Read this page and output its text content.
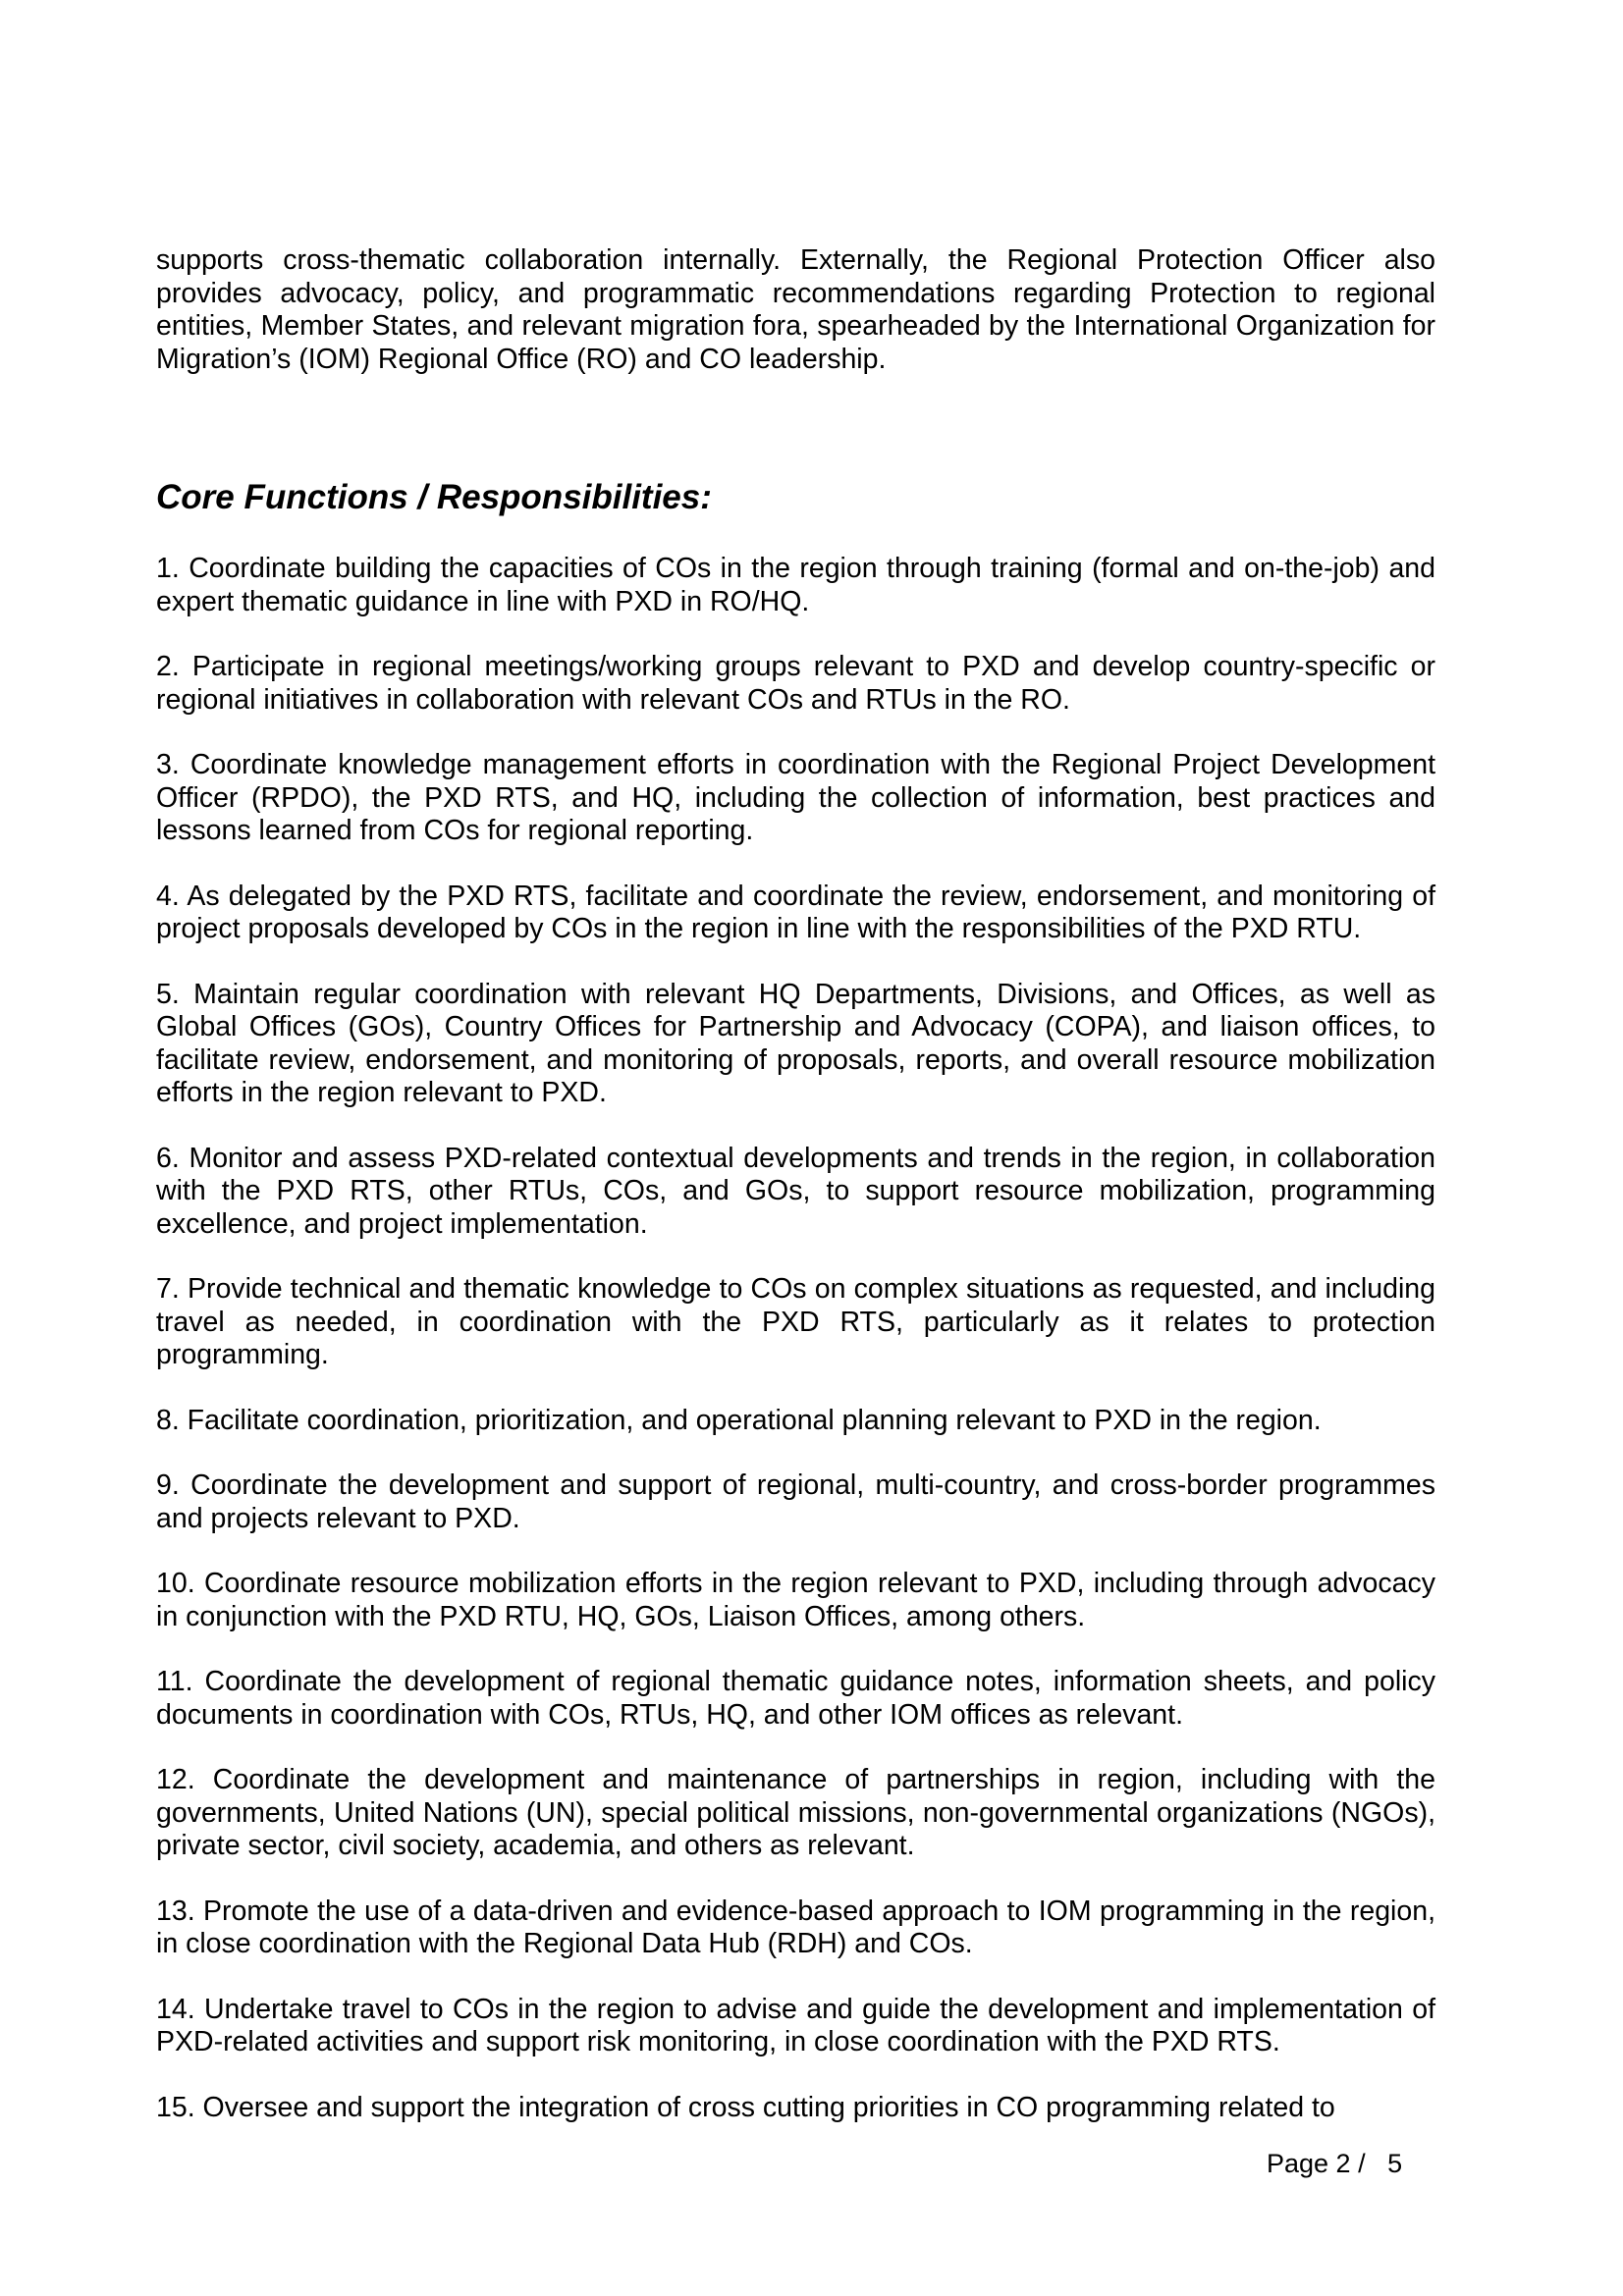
supports cross-thematic collaboration internally. Externally, the Regional Protection Officer also provides advocacy, policy, and programmatic recommendations regarding Protection to regional entities, Member States, and relevant migration fora, spearheaded by the International Organization for Migration’s (IOM) Regional Office (RO) and CO leadership.

Core Functions / Responsibilities:

1. Coordinate building the capacities of COs in the region through training (formal and on-the-job) and expert thematic guidance in line with PXD in RO/HQ.

2. Participate in regional meetings/working groups relevant to PXD and develop country-specific or regional initiatives in collaboration with relevant COs and RTUs in the RO.

3. Coordinate knowledge management efforts in coordination with the Regional Project Development Officer (RPDO), the PXD RTS, and HQ, including the collection of information, best practices and lessons learned from COs for regional reporting.

4. As delegated by the PXD RTS, facilitate and coordinate the review, endorsement, and monitoring of project proposals developed by COs in the region in line with the responsibilities of the PXD RTU.

5. Maintain regular coordination with relevant HQ Departments, Divisions, and Offices, as well as Global Offices (GOs), Country Offices for Partnership and Advocacy (COPA), and liaison offices, to facilitate review, endorsement, and monitoring of proposals, reports, and overall resource mobilization efforts in the region relevant to PXD.

6. Monitor and assess PXD-related contextual developments and trends in the region, in collaboration with the PXD RTS, other RTUs, COs, and GOs, to support resource mobilization, programming excellence, and project implementation.

7. Provide technical and thematic knowledge to COs on complex situations as requested, and including travel as needed, in coordination with the PXD RTS, particularly as it relates to protection programming.

8. Facilitate coordination, prioritization, and operational planning relevant to PXD in the region.

9. Coordinate the development and support of regional, multi-country, and cross-border programmes and projects relevant to PXD.

10. Coordinate resource mobilization efforts in the region relevant to PXD, including through advocacy in conjunction with the PXD RTU, HQ, GOs, Liaison Offices, among others.

11. Coordinate the development of regional thematic guidance notes, information sheets, and policy documents in coordination with COs, RTUs, HQ, and other IOM offices as relevant.

12. Coordinate the development and maintenance of partnerships in region, including with the governments, United Nations (UN), special political missions, non-governmental organizations (NGOs), private sector, civil society, academia, and others as relevant.

13. Promote the use of a data-driven and evidence-based approach to IOM programming in the region, in close coordination with the Regional Data Hub (RDH) and COs.

14. Undertake travel to COs in the region to advise and guide the development and implementation of PXD-related activities and support risk monitoring, in close coordination with the PXD RTS.

15. Oversee and support the integration of cross cutting priorities in CO programming related to

Page 2 /   5
